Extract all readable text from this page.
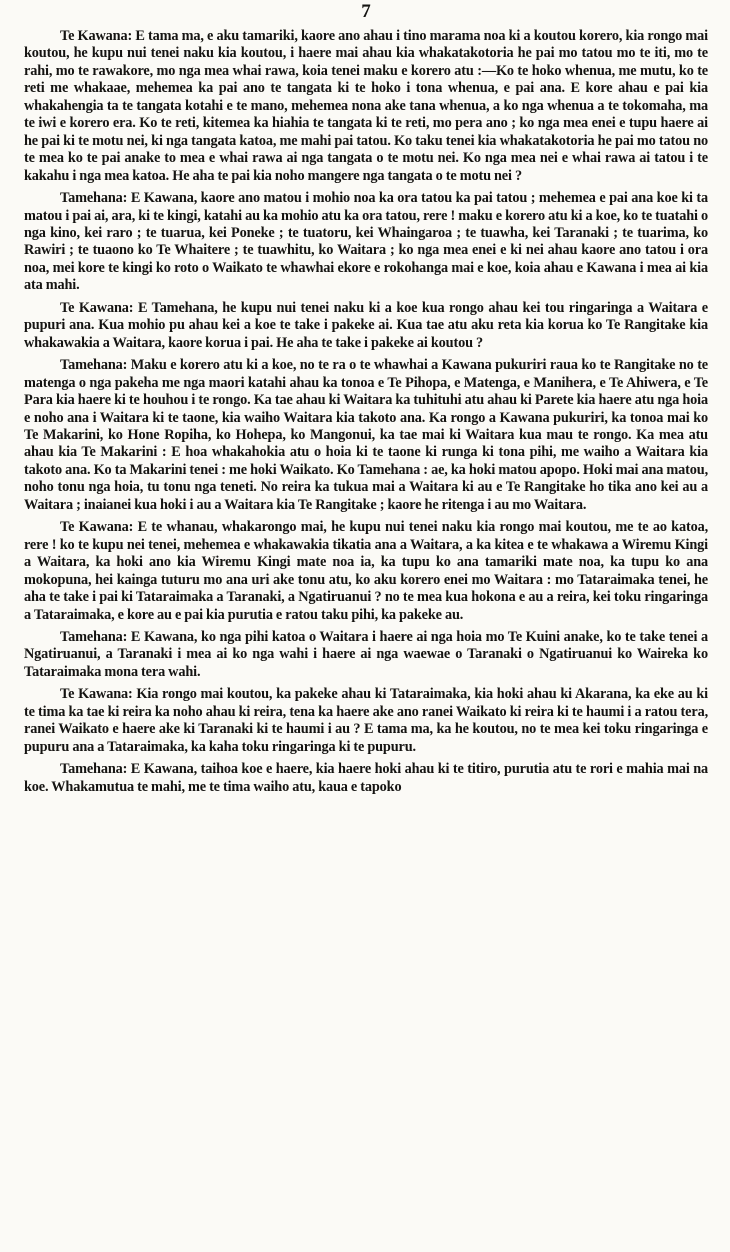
7

Te Kawana: E tama ma, e aku tamariki, kaore ano ahau i tino marama noa ki a koutou korero, kia rongo mai koutou, he kupu nui tenei naku kia koutou, i haere mai ahau kia whakatakotoria he pai mo tatou mo te iti, mo te rahi, mo te rawakore, mo nga mea whai rawa, koia tenei maku e korero atu :—Ko te hoko whenua, me mutu, ko te reti me whakaae, mehemea ka pai ano te tangata ki te hoko i tona whenua, e pai ana. E kore ahau e pai kia whakahengia ta te tangata kotahi e te mano, mehemea nona ake tana whenua, a ko nga whenua a te tokomaha, ma te iwi e korero era. Ko te reti, kitemea ka hiahia te tangata ki te reti, mo pera ano ; ko nga mea enei e tupu haere ai he pai ki te motu nei, ki nga tangata katoa, me mahi pai tatou. Ko taku tenei kia whakatakotoria he pai mo tatou no te mea ko te pai anake to mea e whai rawa ai nga tangata o te motu nei. Ko nga mea nei e whai rawa ai tatou i te kakahu i nga mea katoa. He aha te pai kia noho mangere nga tangata o te motu nei ?

Tamehana: E Kawana, kaore ano matou i mohio noa ka ora tatou ka pai tatou ; mehemea e pai ana koe ki ta matou i pai ai, ara, ki te kingi, katahi au ka mohio atu ka ora tatou, rere ! maku e korero atu ki a koe, ko te tuatahi o nga kino, kei raro ; te tuarua, kei Poneke ; te tuatoru, kei Whaingaroa ; te tuawha, kei Taranaki ; te tuarima, ko Rawiri ; te tuaono ko Te Whaitere ; te tuawhitu, ko Waitara ; ko nga mea enei e ki nei ahau kaore ano tatou i ora noa, mei kore te kingi ko roto o Waikato te whawhai ekore e rokohanga mai e koe, koia ahau e Kawana i mea ai kia ata mahi.

Te Kawana: E Tamehana, he kupu nui tenei naku ki a koe kua rongo ahau kei tou ringaringa a Waitara e pupuri ana. Kua mohio pu ahau kei a koe te take i pakeke ai. Kua tae atu aku reta kia korua ko Te Rangitake kia whakawakia a Waitara, kaore korua i pai. He aha te take i pakeke ai koutou ?

Tamehana: Maku e korero atu ki a koe, no te ra o te whawhai a Kawana pukuriri raua ko te Rangitake no te matenga o nga pakeha me nga maori katahi ahau ka tonoa e Te Pihopa, e Matenga, e Manihera, e Te Ahiwera, e Te Para kia haere ki te houhou i te rongo. Ka tae ahau ki Waitara ka tuhituhi atu ahau ki Parete kia haere atu nga hoia e noho ana i Waitara ki te taone, kia waiho Waitara kia takoto ana. Ka rongo a Kawana pukuriri, ka tonoa mai ko Te Makarini, ko Hone Ropiha, ko Hohepa, ko Mangonui, ka tae mai ki Waitara kua mau te rongo. Ka mea atu ahau kia Te Makarini : E hoa whakahokia atu o hoia ki te taone ki runga ki tona pihi, me waiho a Waitara kia takoto ana. Ko ta Makarini tenei : me hoki Waikato. Ko Tamehana : ae, ka hoki matou apopo. Hoki mai ana matou, noho tonu nga hoia, tu tonu nga teneti. No reira ka tukua mai a Waitara ki au e Te Rangitake ho tika ano kei au a Waitara ; inaianei kua hoki i au a Waitara kia Te Rangitake ; kaore he ritenga i au mo Waitara.

Te Kawana: E te whanau, whakarongo mai, he kupu nui tenei naku kia rongo mai koutou, me te ao katoa, rere ! ko te kupu nei tenei, mehemea e whakawakia tikatia ana a Waitara, a ka kitea e te whakawa a Wiremu Kingi a Waitara, ka hoki ano kia Wiremu Kingi mate noa ia, ka tupu ko ana tamariki mate noa, ka tupu ko ana mokopuna, hei kainga tuturu mo ana uri ake tonu atu, ko aku korero enei mo Waitara : mo Tataraimaka tenei, he aha te take i pai ki Tataraimaka a Taranaki, a Ngatiruanui ? no te mea kua hokona e au a reira, kei toku ringaringa a Tataraimaka, e kore au e pai kia purutia e ratou taku pihi, ka pakeke au.

Tamehana: E Kawana, ko nga pihi katoa o Waitara i haere ai nga hoia mo Te Kuini anake, ko te take tenei a Ngatiruanui, a Taranaki i mea ai ko nga wahi i haere ai nga waewae o Taranaki o Ngatiruanui ko Waireka ko Tataraimaka mona tera wahi.

Te Kawana: Kia rongo mai koutou, ka pakeke ahau ki Tataraimaka, kia hoki ahau ki Akarana, ka eke au ki te tima ka tae ki reira ka noho ahau ki reira, tena ka haere ake ano ranei Waikato ki reira ki te haumi i a ratou tera, ranei Waikato e haere ake ki Taranaki ki te haumi i au ? E tama ma, ka he koutou, no te mea kei toku ringaringa e pupuru ana a Tataraimaka, ka kaha toku ringaringa ki te pupuru.

Tamehana: E Kawana, taihoa koe e haere, kia haere hoki ahau ki te titiro, purutia atu te rori e mahia mai na koe. Whakamutua te mahi, me te tima waiho atu, kaua e tapoko
